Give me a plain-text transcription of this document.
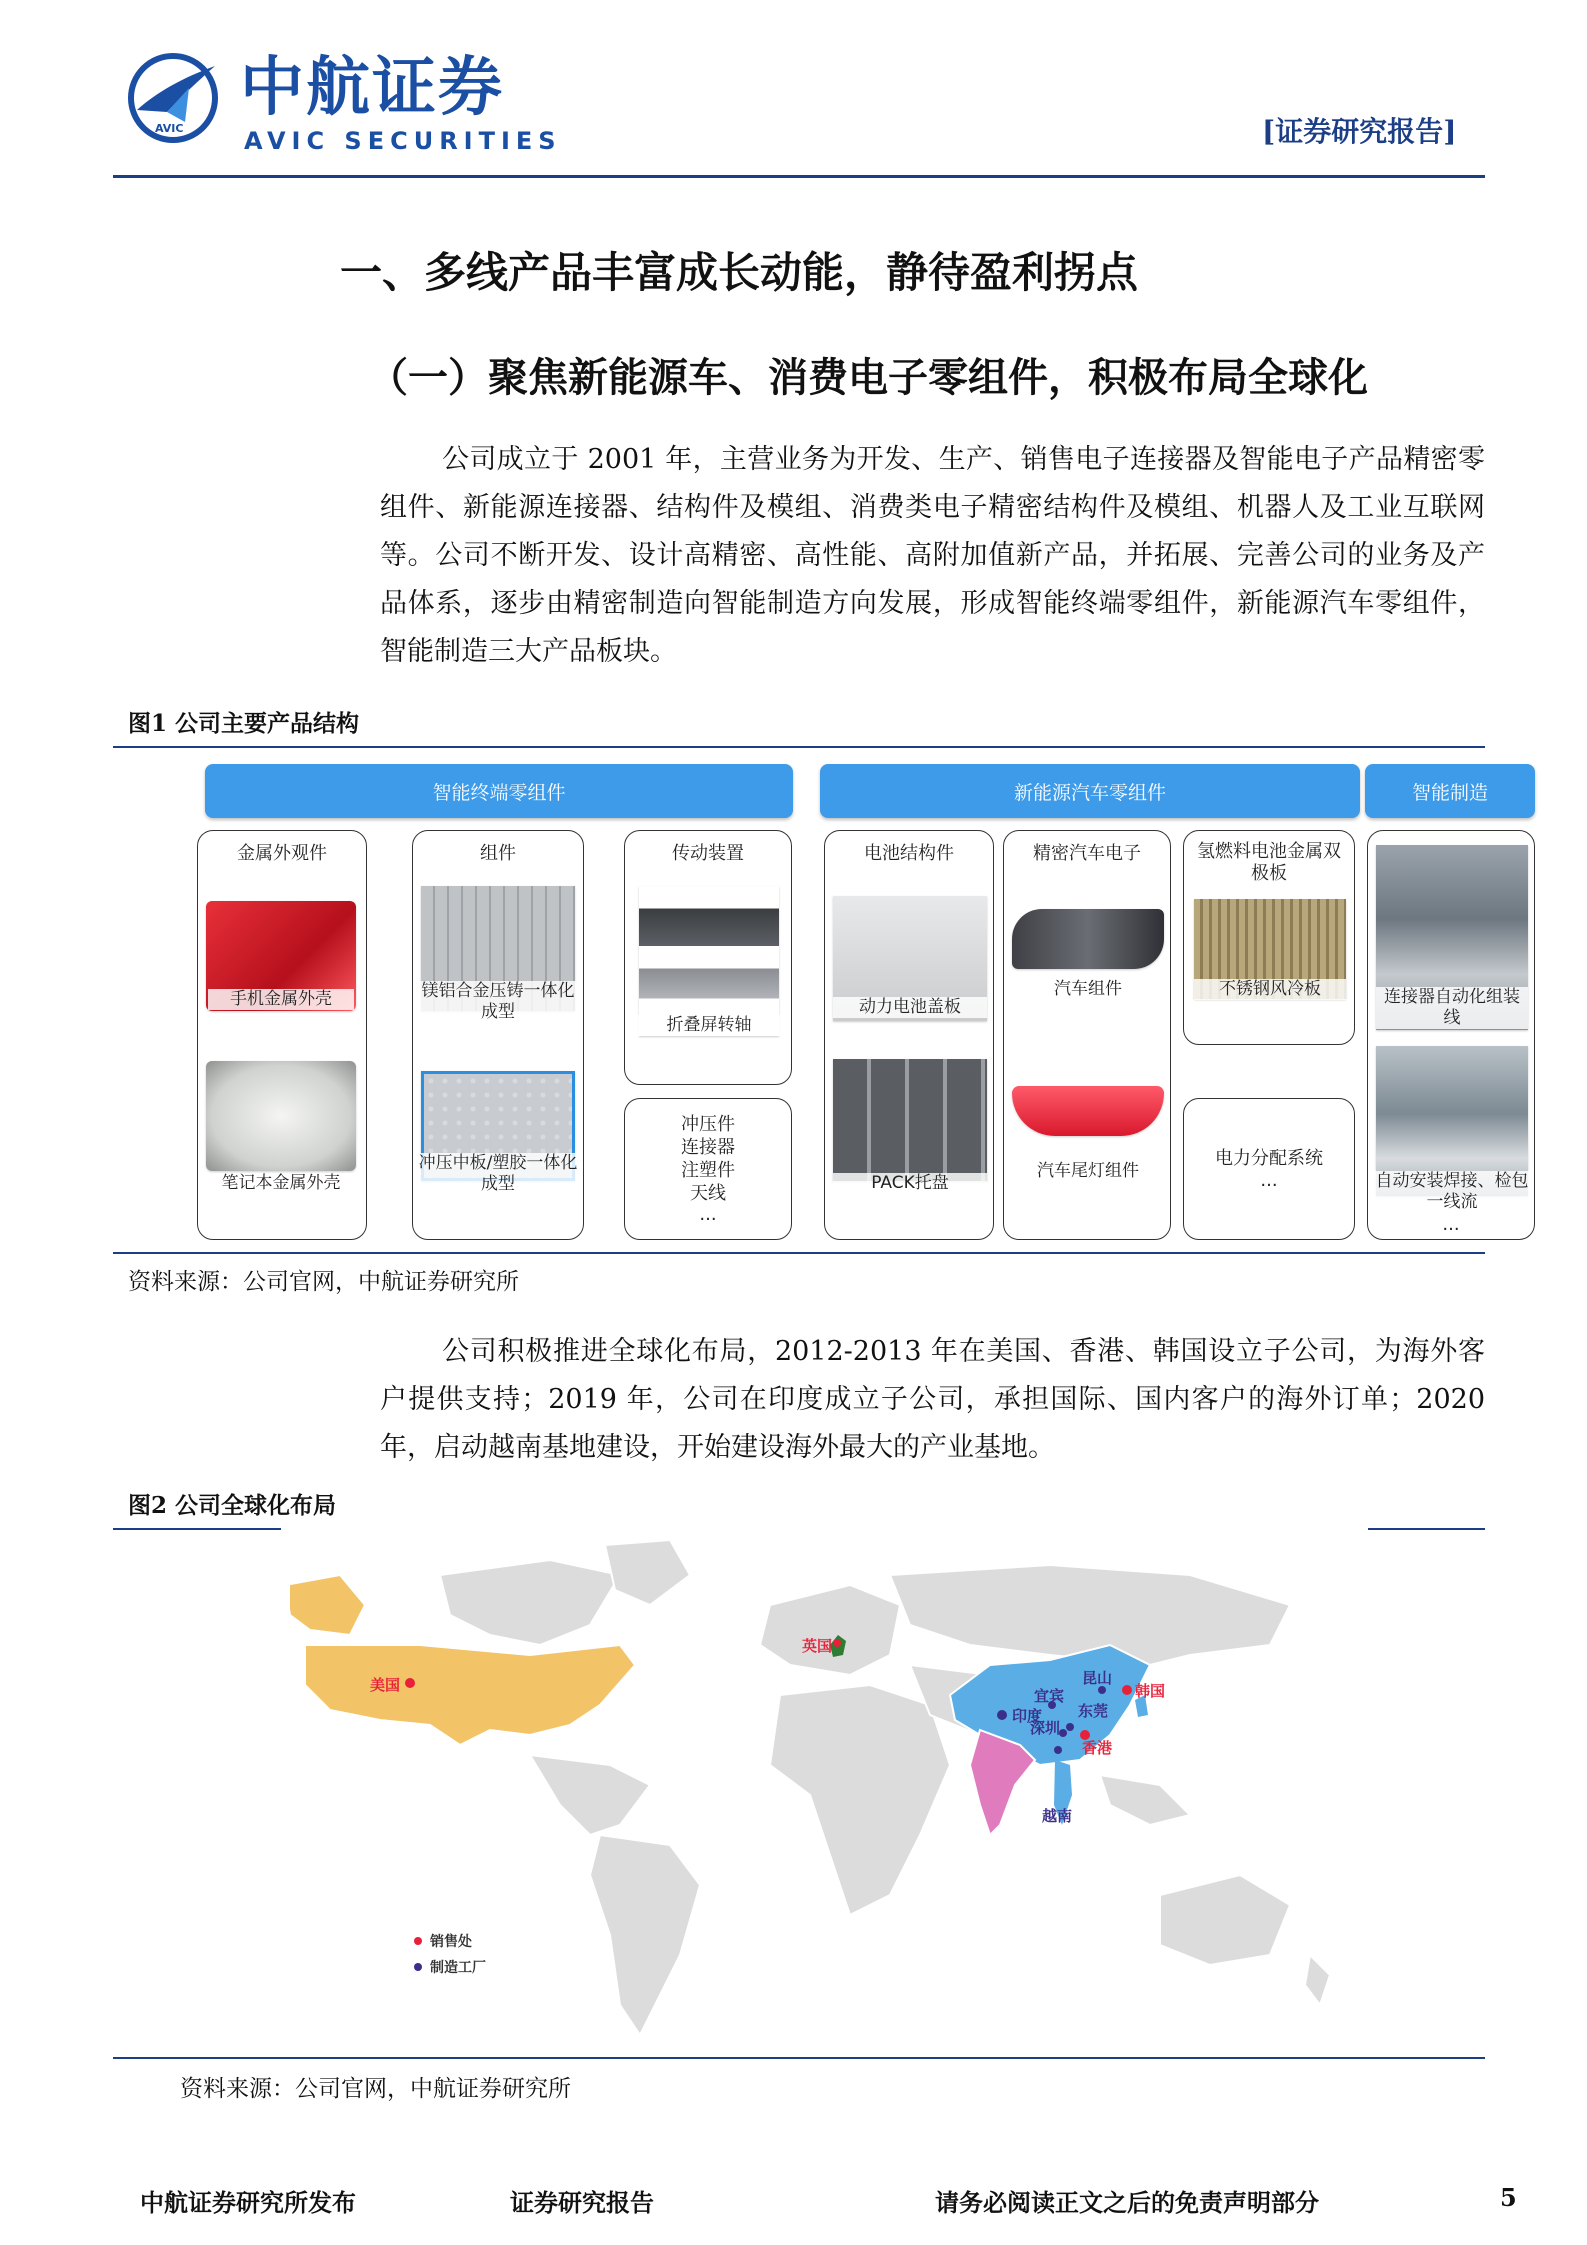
AVIC
中航证券
AVIC SECURITIES	[证券研究报告]
一、多线产品丰富成长动能，静待盈利拐点
（一）聚焦新能源车、消费电子零组件，积极布局全球化
公司成立于 2001 年，主营业务为开发、生产、销售电子连接器及智能电子产品精密零组件、新能源连接器、结构件及模组、消费类电子精密结构件及模组、机器人及工业互联网等。公司不断开发、设计高精密、高性能、高附加值新产品，并拓展、完善公司的业务及产品体系，逐步由精密制造向智能制造方向发展，形成智能终端零组件，新能源汽车零组件，智能制造三大产品板块。
图1 公司主要产品结构
智能终端零组件	新能源汽车零组件	智能制造
金属外观件
手机金属外壳
笔记本金属外壳
组件
镁铝合金压铸一体化成型
冲压中板/塑胶一体化成型
传动装置
折叠屏转轴
冲压件
连接器
注塑件
天线
...
电池结构件
动力电池盖板
PACK托盘
精密汽车电子
汽车组件
汽车尾灯组件
氢燃料电池金属双极板
不锈钢风冷板
电力分配系统
...
连接器自动化组装线
自动安装焊接、检包一线流
...
资料来源：公司官网，中航证券研究所
公司积极推进全球化布局，2012-2013 年在美国、香港、韩国设立子公司，为海外客户提供支持；2019 年，公司在印度成立子公司，承担国际、国内客户的海外订单；2020 年，启动越南基地建设，开始建设海外最大的产业基地。
图2 公司全球化布局
英国
美国
印度
昆山
韩国
宜宾
东莞
深圳
香港
越南
销售处
制造工厂
资料来源：公司官网，中航证券研究所
中航证券研究所发布	证券研究报告	请务必阅读正文之后的免责声明部分	5
